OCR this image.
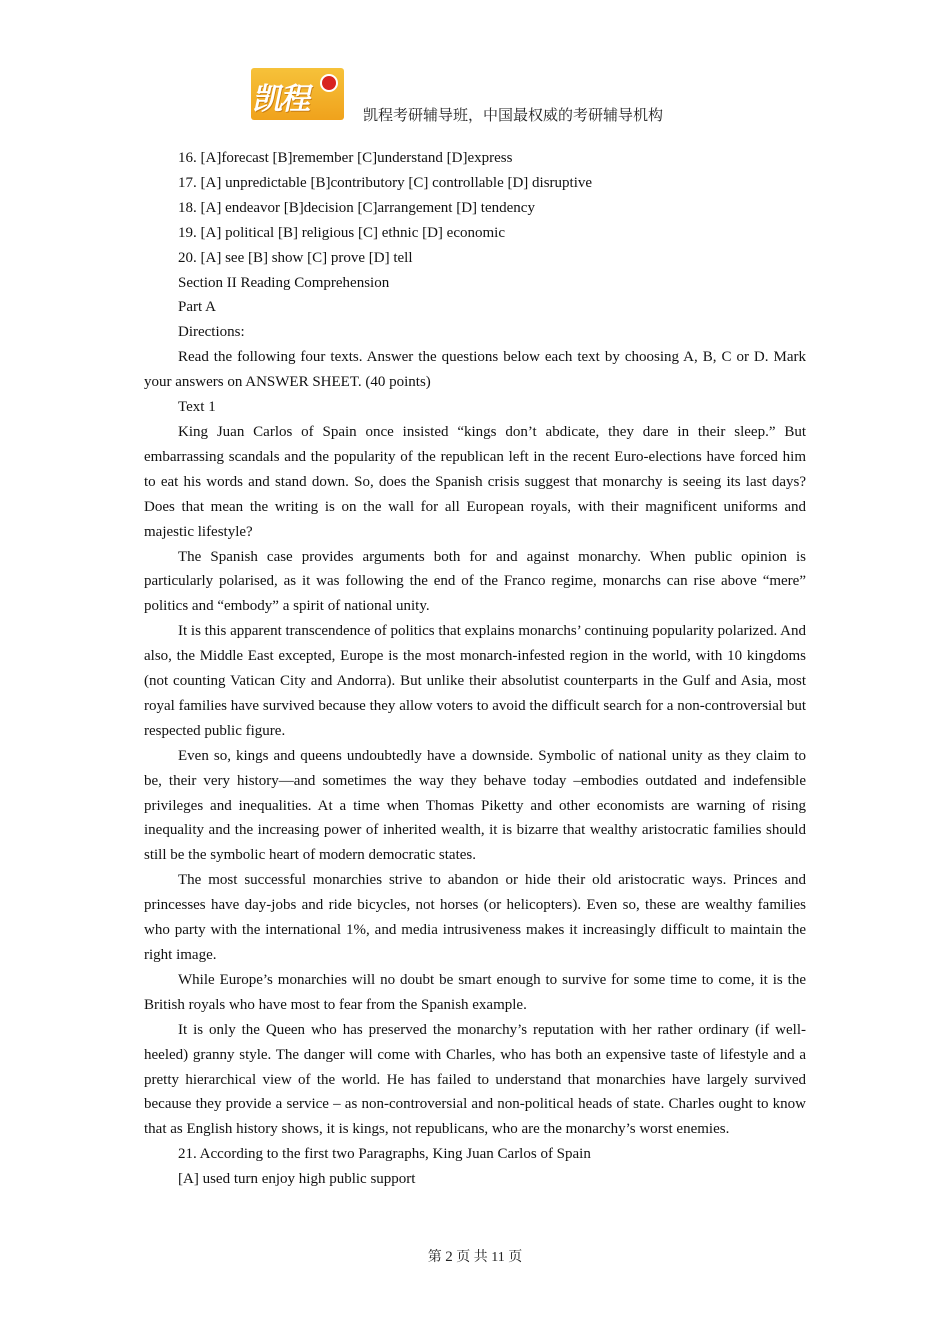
凯程	凯程考研辅导班，中国最权威的考研辅导机构

16. [A]forecast [B]remember [C]understand [D]express

17. [A] unpredictable [B]contributory [C] controllable [D] disruptive

18. [A] endeavor [B]decision [C]arrangement [D] tendency

19. [A] political [B] religious [C] ethnic [D] economic

20. [A] see [B] show [C] prove [D] tell

Section II Reading Comprehension

Part A

Directions:

Read the following four texts. Answer the questions below each text by choosing A, B, C or D. Mark your answers on ANSWER SHEET. (40 points)

Text 1

King Juan Carlos of Spain once insisted “kings don’t abdicate, they dare in their sleep.” But embarrassing scandals and the popularity of the republican left in the recent Euro-elections have forced him to eat his words and stand down. So, does the Spanish crisis suggest that monarchy is seeing its last days? Does that mean the writing is on the wall for all European royals, with their magnificent uniforms and majestic lifestyle?

The Spanish case provides arguments both for and against monarchy. When public opinion is particularly polarised, as it was following the end of the Franco regime, monarchs can rise above “mere” politics and “embody” a spirit of national unity.

It is this apparent transcendence of politics that explains monarchs’ continuing popularity polarized. And also, the Middle East excepted, Europe is the most monarch-infested region in the world, with 10 kingdoms (not counting Vatican City and Andorra). But unlike their absolutist counterparts in the Gulf and Asia, most royal families have survived because they allow voters to avoid the difficult search for a non-controversial but respected public figure.

Even so, kings and queens undoubtedly have a downside. Symbolic of national unity as they claim to be, their very history—and sometimes the way they behave today –embodies outdated and indefensible privileges and inequalities. At a time when Thomas Piketty and other economists are warning of rising inequality and the increasing power of inherited wealth, it is bizarre that wealthy aristocratic families should still be the symbolic heart of modern democratic states.

The most successful monarchies strive to abandon or hide their old aristocratic ways. Princes and princesses have day-jobs and ride bicycles, not horses (or helicopters). Even so, these are wealthy families who party with the international 1%, and media intrusiveness makes it increasingly difficult to maintain the right image.

While Europe’s monarchies will no doubt be smart enough to survive for some time to come, it is the British royals who have most to fear from the Spanish example.

It is only the Queen who has preserved the monarchy’s reputation with her rather ordinary (if well-heeled) granny style. The danger will come with Charles, who has both an expensive taste of lifestyle and a pretty hierarchical view of the world. He has failed to understand that monarchies have largely survived because they provide a service – as non-controversial and non-political heads of state. Charles ought to know that as English history shows, it is kings, not republicans, who are the monarchy’s worst enemies.

21. According to the first two Paragraphs, King Juan Carlos of Spain

[A] used turn enjoy high public support

第 2 页 共 11 页
